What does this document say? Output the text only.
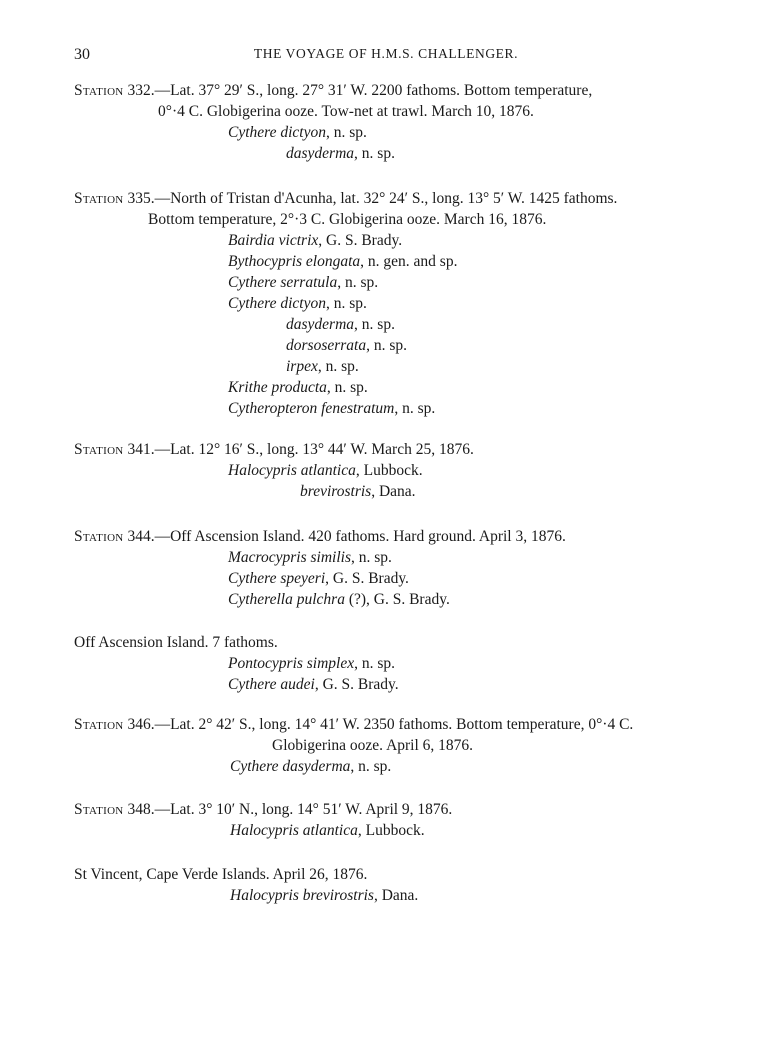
30	THE VOYAGE OF H.M.S. CHALLENGER.

Station 332.—Lat. 37° 29′ S., long. 27° 31′ W. 2200 fathoms. Bottom temperature,

0°·4 C. Globigerina ooze. Tow-net at trawl. March 10, 1876.

Cythere dictyon, n. sp.

dasyderma, n. sp.

Station 335.—North of Tristan d'Acunha, lat. 32° 24′ S., long. 13° 5′ W. 1425 fathoms.

Bottom temperature, 2°·3 C. Globigerina ooze. March 16, 1876.

Bairdia victrix, G. S. Brady.

Bythocypris elongata, n. gen. and sp.

Cythere serratula, n. sp.

Cythere dictyon, n. sp.

dasyderma, n. sp.

dorsoserrata, n. sp.

irpex, n. sp.

Krithe producta, n. sp.

Cytheropteron fenestratum, n. sp.

Station 341.—Lat. 12° 16′ S., long. 13° 44′ W. March 25, 1876.

Halocypris atlantica, Lubbock.

brevirostris, Dana.

Station 344.—Off Ascension Island. 420 fathoms. Hard ground. April 3, 1876.

Macrocypris similis, n. sp.

Cythere speyeri, G. S. Brady.

Cytherella pulchra (?), G. S. Brady.

Off Ascension Island. 7 fathoms.

Pontocypris simplex, n. sp.

Cythere audei, G. S. Brady.

Station 346.—Lat. 2° 42′ S., long. 14° 41′ W. 2350 fathoms. Bottom temperature, 0°·4 C.

Globigerina ooze. April 6, 1876.

Cythere dasyderma, n. sp.

Station 348.—Lat. 3° 10′ N., long. 14° 51′ W. April 9, 1876.

Halocypris atlantica, Lubbock.

St Vincent, Cape Verde Islands. April 26, 1876.

Halocypris brevirostris, Dana.
